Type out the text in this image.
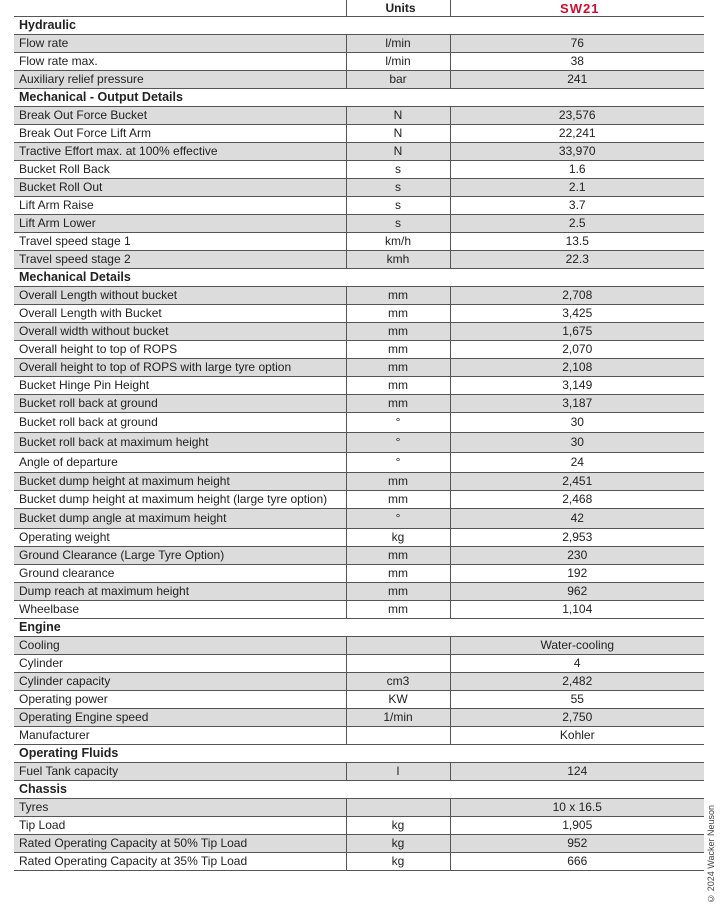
	Units	SW21
Hydraulic		
Flow rate	l/min	76
Flow rate max.	l/min	38
Auxiliary relief pressure	bar	241
Mechanical - Output Details		
Break Out Force Bucket	N	23,576
Break Out Force Lift Arm	N	22,241
Tractive Effort max. at 100% effective	N	33,970
Bucket Roll Back	s	1.6
Bucket Roll Out	s	2.1
Lift Arm Raise	s	3.7
Lift Arm Lower	s	2.5
Travel speed stage 1	km/h	13.5
Travel speed stage 2	kmh	22.3
Mechanical Details		
Overall Length without bucket	mm	2,708
Overall Length with Bucket	mm	3,425
Overall width without bucket	mm	1,675
Overall height to top of ROPS	mm	2,070
Overall height to top of ROPS with large tyre option	mm	2,108
Bucket Hinge Pin Height	mm	3,149
Bucket roll back at ground	mm	3,187
Bucket roll back at ground	°	30
Bucket roll back at maximum height	°	30
Angle of departure	°	24
Bucket dump height at maximum height	mm	2,451
Bucket dump height at maximum height (large tyre option)	mm	2,468
Bucket dump angle at maximum height	°	42
Operating weight	kg	2,953
Ground Clearance (Large Tyre Option)	mm	230
Ground clearance	mm	192
Dump reach at maximum height	mm	962
Wheelbase	mm	1,104
Engine		
Cooling		Water-cooling
Cylinder		4
Cylinder capacity	cm3	2,482
Operating power	KW	55
Operating Engine speed	1/min	2,750
Manufacturer		Kohler
Operating Fluids		
Fuel Tank capacity	l	124
Chassis		
Tyres		10 x 16.5
Tip Load	kg	1,905
Rated Operating Capacity at 50% Tip Load	kg	952
Rated Operating Capacity at 35% Tip Load	kg	666	© 2024 Wacker Neuson
